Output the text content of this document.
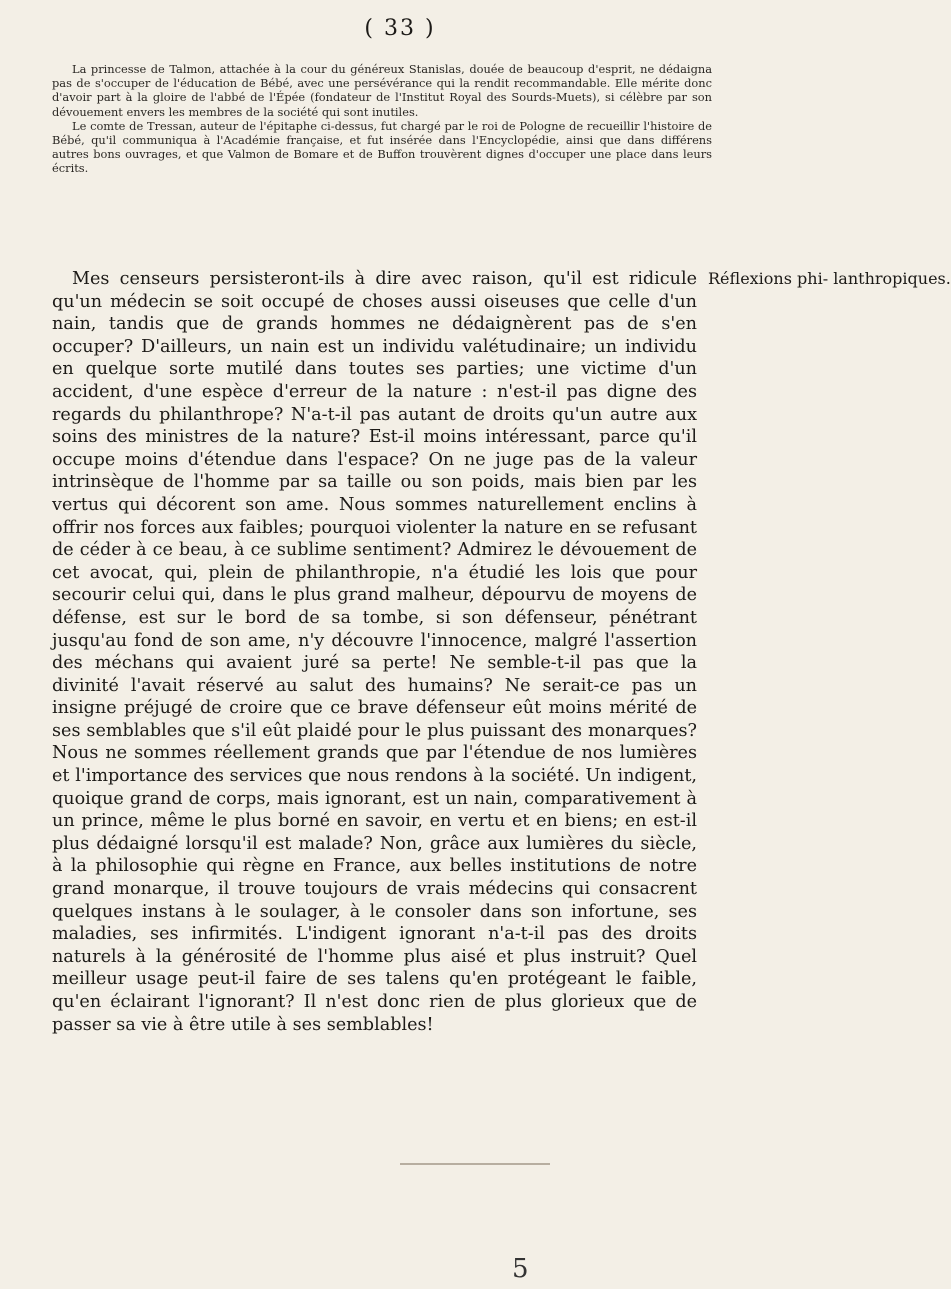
( 33 )

La princesse de Talmon, attachée à la cour du généreux Stanislas, douée de beaucoup d'esprit, ne dédaigna pas de s'occuper de l'éducation de Bébé, avec une persévérance qui la rendit recommandable. Elle mérite donc d'avoir part à la gloire de l'abbé de l'Épée (fondateur de l'Institut Royal des Sourds-Muets), si célèbre par son dévouement envers les membres de la société qui sont inutiles.

Le comte de Tressan, auteur de l'épitaphe ci-dessus, fut chargé par le roi de Pologne de recueillir l'histoire de Bébé, qu'il communiqua à l'Académie française, et fut insérée dans l'Encyclopédie, ainsi que dans différens autres bons ouvrages, et que Valmon de Bomare et de Buffon trouvèrent dignes d'occuper une place dans leurs écrits.

Mes censeurs persisteront-ils à dire avec raison, qu'il est ridicule qu'un médecin se soit occupé de choses aussi oiseuses que celle d'un nain, tandis que de grands hommes ne dédaignèrent pas de s'en occuper? D'ailleurs, un nain est un individu valétudinaire; un individu en quelque sorte mutilé dans toutes ses parties; une victime d'un accident, d'une espèce d'erreur de la nature : n'est-il pas digne des regards du philanthrope? N'a-t-il pas autant de droits qu'un autre aux soins des ministres de la nature? Est-il moins intéressant, parce qu'il occupe moins d'étendue dans l'espace? On ne juge pas de la valeur intrinsèque de l'homme par sa taille ou son poids, mais bien par les vertus qui décorent son ame. Nous sommes naturellement enclins à offrir nos forces aux faibles; pourquoi violenter la nature en se refusant de céder à ce beau, à ce sublime sentiment? Admirez le dévouement de cet avocat, qui, plein de philanthropie, n'a étudié les lois que pour secourir celui qui, dans le plus grand malheur, dépourvu de moyens de défense, est sur le bord de sa tombe, si son défenseur, pénétrant jusqu'au fond de son ame, n'y découvre l'innocence, malgré l'assertion des méchans qui avaient juré sa perte! Ne semble-t-il pas que la divinité l'avait réservé au salut des humains? Ne serait-ce pas un insigne préjugé de croire que ce brave défenseur eût moins mérité de ses semblables que s'il eût plaidé pour le plus puissant des monarques? Nous ne sommes réellement grands que par l'étendue de nos lumières et l'importance des services que nous rendons à la société. Un indigent, quoique grand de corps, mais ignorant, est un nain, comparativement à un prince, même le plus borné en savoir, en vertu et en biens; en est-il plus dédaigné lorsqu'il est malade? Non, grâce aux lumières du siècle, à la philosophie qui règne en France, aux belles institutions de notre grand monarque, il trouve toujours de vrais médecins qui consacrent quelques instans à le soulager, à le consoler dans son infortune, ses maladies, ses infirmités. L'indigent ignorant n'a-t-il pas des droits naturels à la générosité de l'homme plus aisé et plus instruit? Quel meilleur usage peut-il faire de ses talens qu'en protégeant le faible, qu'en éclairant l'ignorant? Il n'est donc rien de plus glorieux que de passer sa vie à être utile à ses semblables!

Réflexions phi- lanthropiques.
5
